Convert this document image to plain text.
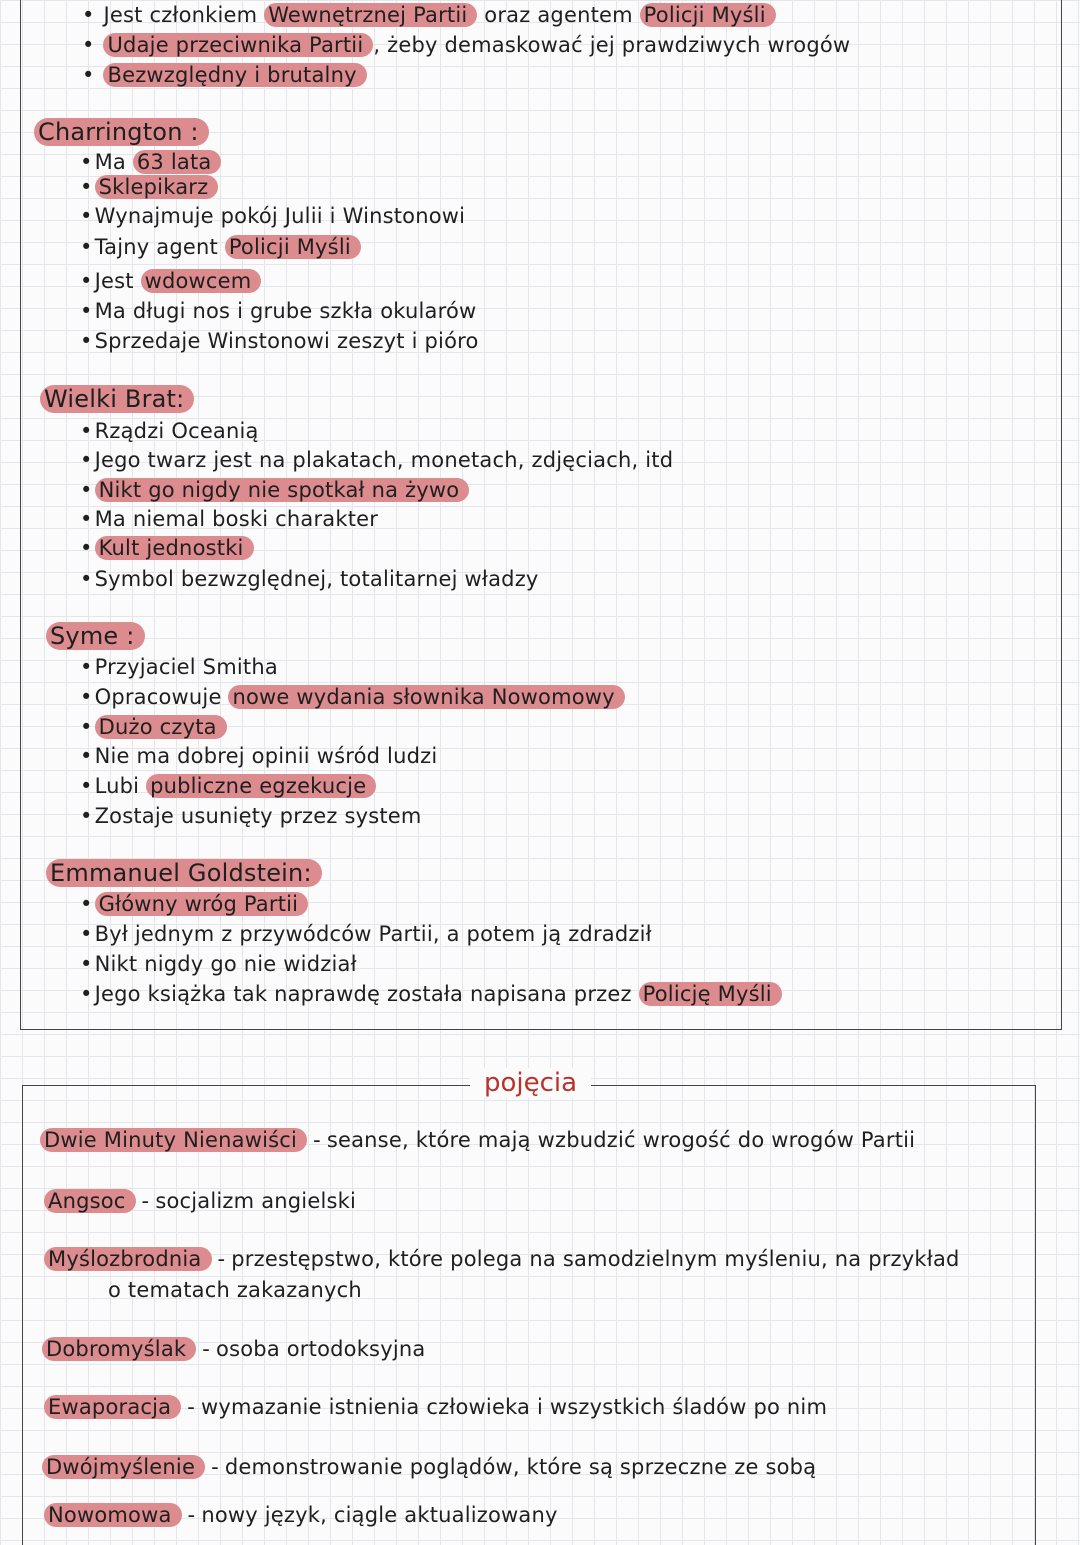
• Jest członkiem Wewnętrznej Partii oraz agentem Policji Myśli
• Udaje przeciwnika Partii , żeby demaskować jej prawdziwych wrogów
• Bezwzględny i brutalny
Charrington :
• Ma 63 lata
• Sklepikarz
• Wynajmuje pokój Julii i Winstonowi
• Tajny agent Policji Myśli
• Jest wdowcem
• Ma długi nos i grube szkła okularów
• Sprzedaje Winstonowi zeszyt i pióro
Wielki Brat:
• Rządzi Oceanią
• Jego twarz jest na plakatach, monetach, zdjęciach, itd
• Nikt go nigdy nie spotkał na żywo
• Ma niemal boski charakter
• Kult jednostki
• Symbol bezwzględnej, totalitarnej władzy
Syme :
• Przyjaciel Smitha
• Opracowuje nowe wydania słownika Nowomowy
• Dużo czyta
• Nie ma dobrej opinii wśród ludzi
• Lubi publiczne egzekucje
• Zostaje usunięty przez system
Emmanuel Goldstein:
• Główny wróg Partii
• Był jednym z przywódców Partii, a potem ją zdradził
• Nikt nigdy go nie widział
• Jego książka tak naprawdę została napisana przez Policję Myśli
pojęcia
Dwie Minuty Nienawiści - seanse, które mają wzbudzić wrogość do wrogów Partii
Angsoc - socjalizm angielski
Myślozbrodnia - przestępstwo, które polega na samodzielnym myśleniu, na przykład
o tematach zakazanych
Dobromyślak - osoba ortodoksyjna
Ewaporacja - wymazanie istnienia człowieka i wszystkich śladów po nim
Dwójmyślenie - demonstrowanie poglądów, które są sprzeczne ze sobą
Nowomowa - nowy język, ciągle aktualizowany
